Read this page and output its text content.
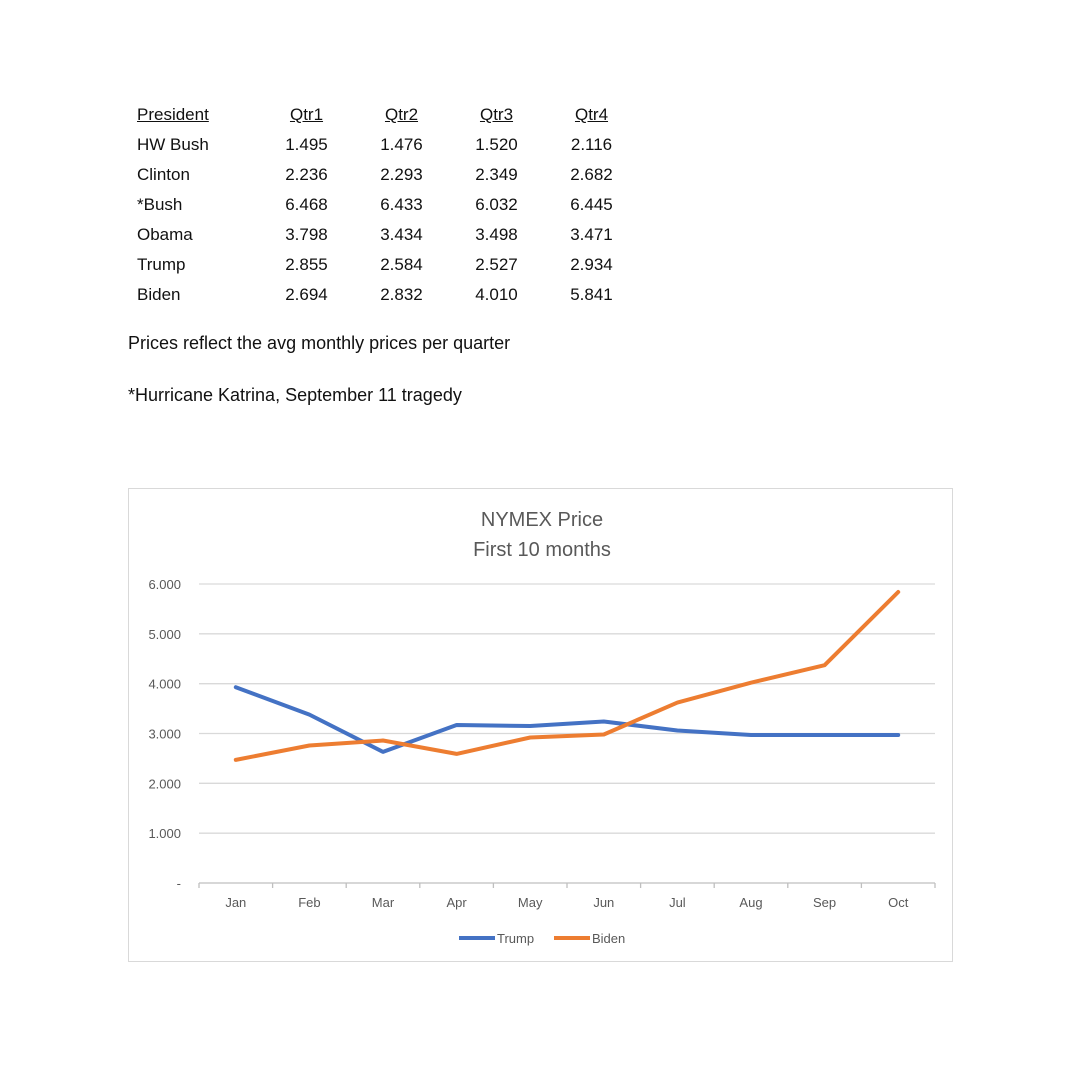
President	Qtr1	Qtr2	Qtr3	Qtr4
HW Bush	1.495	1.476	1.520	2.116
Clinton	2.236	2.293	2.349	2.682
*Bush	6.468	6.433	6.032	6.445
Obama	3.798	3.434	3.498	3.471
Trump	2.855	2.584	2.527	2.934
Biden	2.694	2.832	4.010	5.841

Prices reflect the avg monthly prices per quarter

*Hurricane Katrina, September 11 tragedy

NYMEX Price
First 10 months
-
1.000
2.000
3.000
4.000
5.000
6.000
Jan	Feb	Mar	Apr	May	Jun	Jul	Aug	Sep	Oct
Trump	Biden
